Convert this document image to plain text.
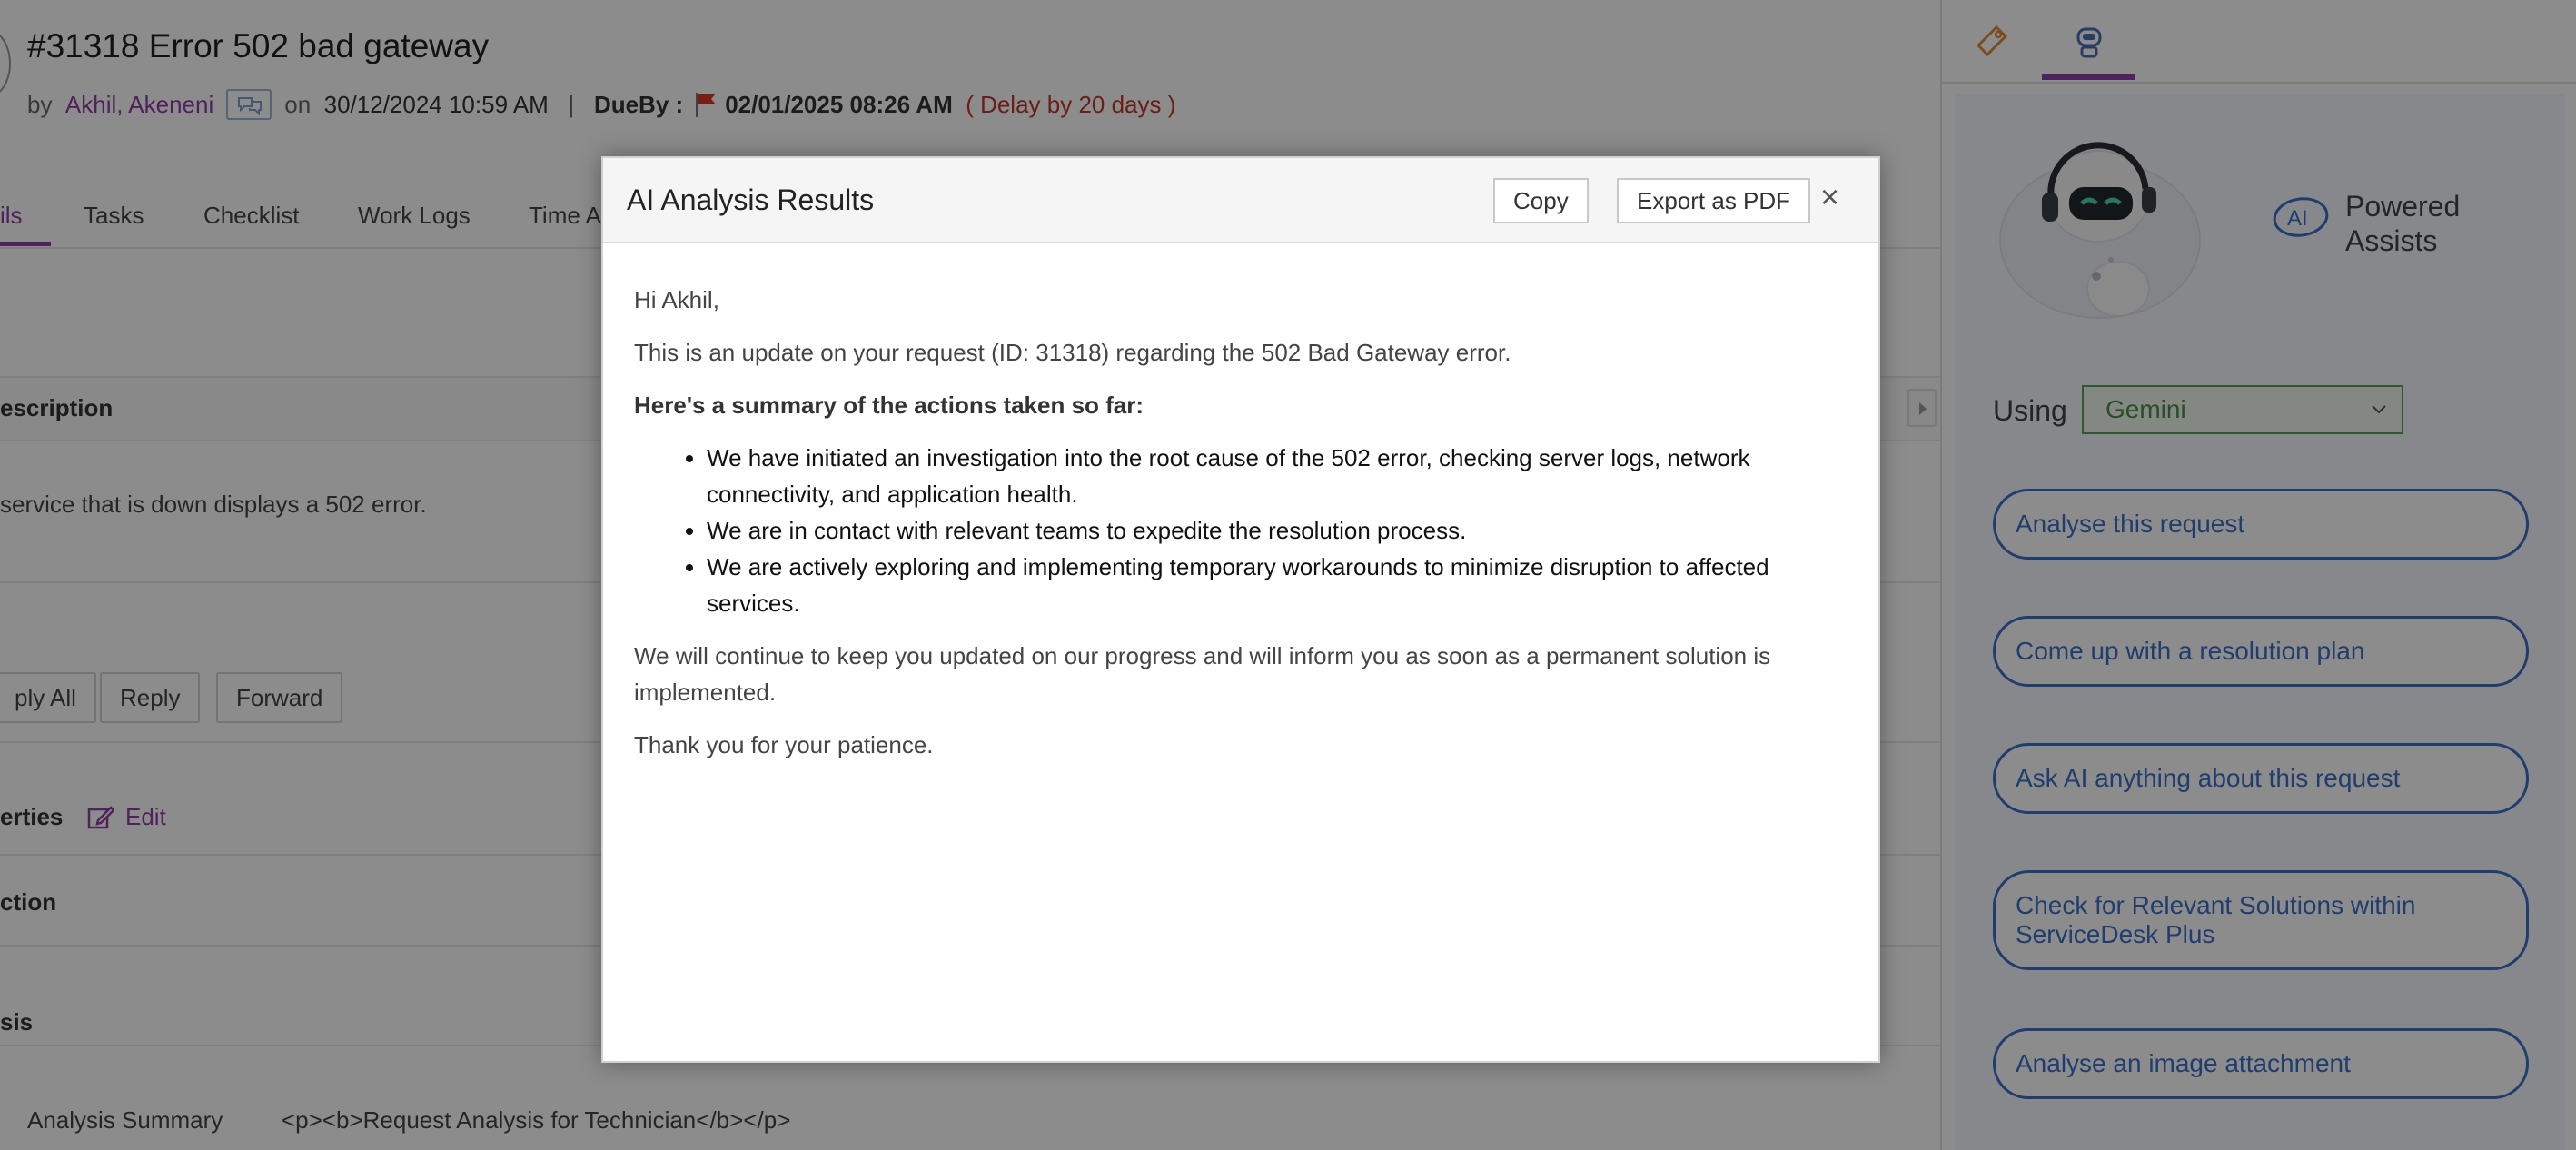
#31318 Error 502 bad gateway
by
Akhil, Akeneni	on
30/12/2024 10:59 AM
|
DueBy : 02/01/2025 08:26 AM
( Delay by 20 days )
ils	Tasks	Checklist Work Logs Time A
escription
service that is down displays a 502 error.
ply All	Reply	Forward
erties	Edit
ction
sis
Analysis Summary <p><b>Request Analysis for Technician</b></p>
AI Powered
Assists
Using	Gemini
Analyse this request
Come up with a resolution plan
Ask AI anything about this request
Check for Relevant Solutions within ServiceDesk Plus
Analyse an image attachment
AI Analysis Results	Copy	Export as PDF ×

Hi Akhil,

This is an update on your request (ID: 31318) regarding the 502 Bad Gateway error.

Here's a summary of the actions taken so far:

• We have initiated an investigation into the root cause of the 502 error, checking server logs, network connectivity, and application health.
• We are in contact with relevant teams to expedite the resolution process.
• We are actively exploring and implementing temporary workarounds to minimize disruption to affected services.

We will continue to keep you updated on our progress and will inform you as soon as a permanent solution is implemented.

Thank you for your patience.
